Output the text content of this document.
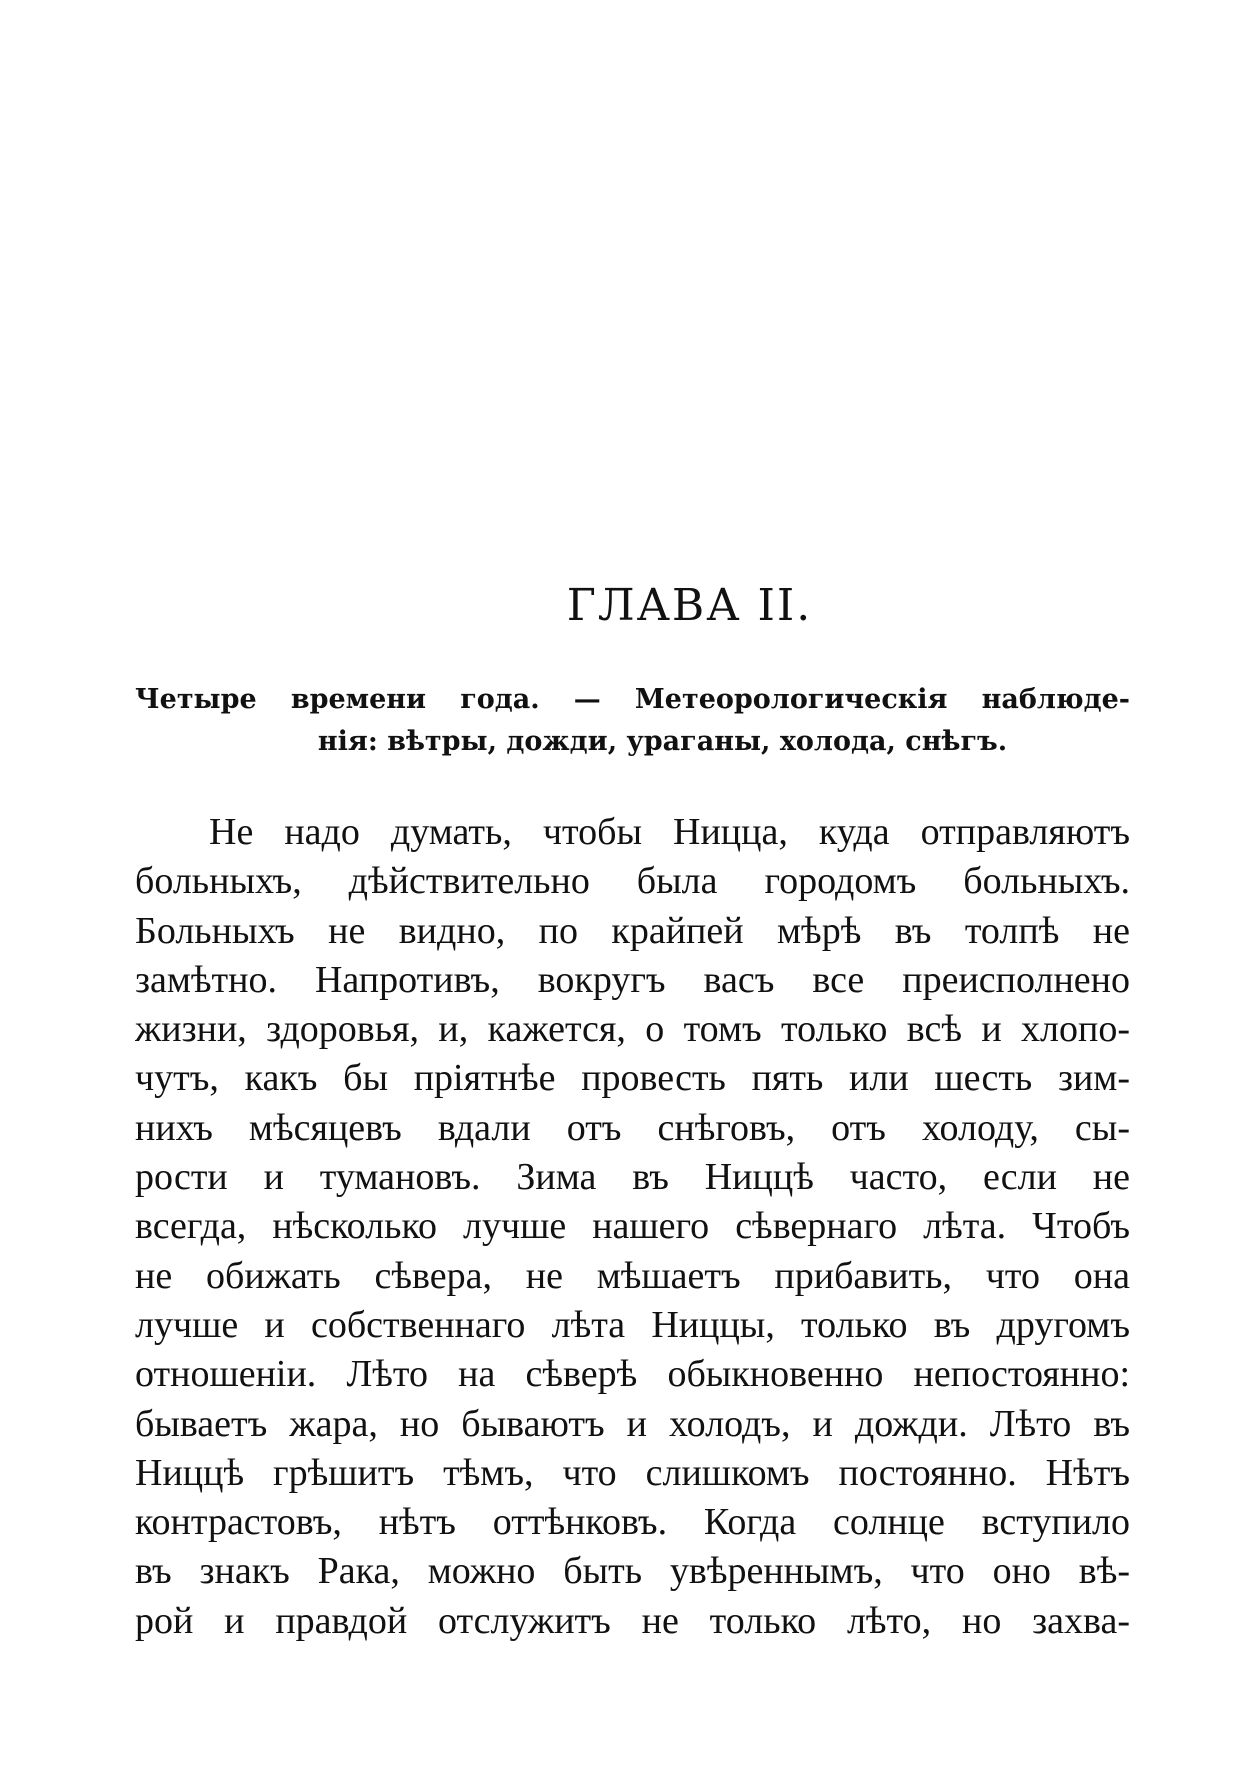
ГЛАВА II.

Четыре времени года. — Метеорологическія наблюде-

нія: вѣтры, дожди, ураганы, холода, снѣгъ.

Не надо думать, чтобы Ницца, куда отправляютъ
больныхъ, дѣйствительно была городомъ больныхъ.
Больныхъ не видно, по крайпей мѣрѣ въ толпѣ не
замѣтно. Напротивъ, вокругъ васъ все преисполнено
жизни, здоровья, и, кажется, о томъ только всѣ и хлопо-
чутъ, какъ бы пріятнѣе провесть пять или шесть зим-
нихъ мѣсяцевъ вдали отъ снѣговъ, отъ холоду, сы-
рости и тумановъ. Зима въ Ниццѣ часто, если не
всегда, нѣсколько лучше нашего сѣвернаго лѣта. Чтобъ
не обижать сѣвера, не мѣшаетъ прибавить, что она
лучше и собственнаго лѣта Ниццы, только въ другомъ
отношеніи. Лѣто на сѣверѣ обыкновенно непостоянно:
бываетъ жара, но бываютъ и холодъ, и дожди. Лѣто въ
Ниццѣ грѣшитъ тѣмъ, что слишкомъ постоянно. Нѣтъ
контрастовъ, нѣтъ оттѣнковъ. Когда солнце вступило
въ знакъ Рака, можно быть увѣреннымъ, что оно вѣ-
рой и правдой отслужитъ не только лѣто, но захва-
